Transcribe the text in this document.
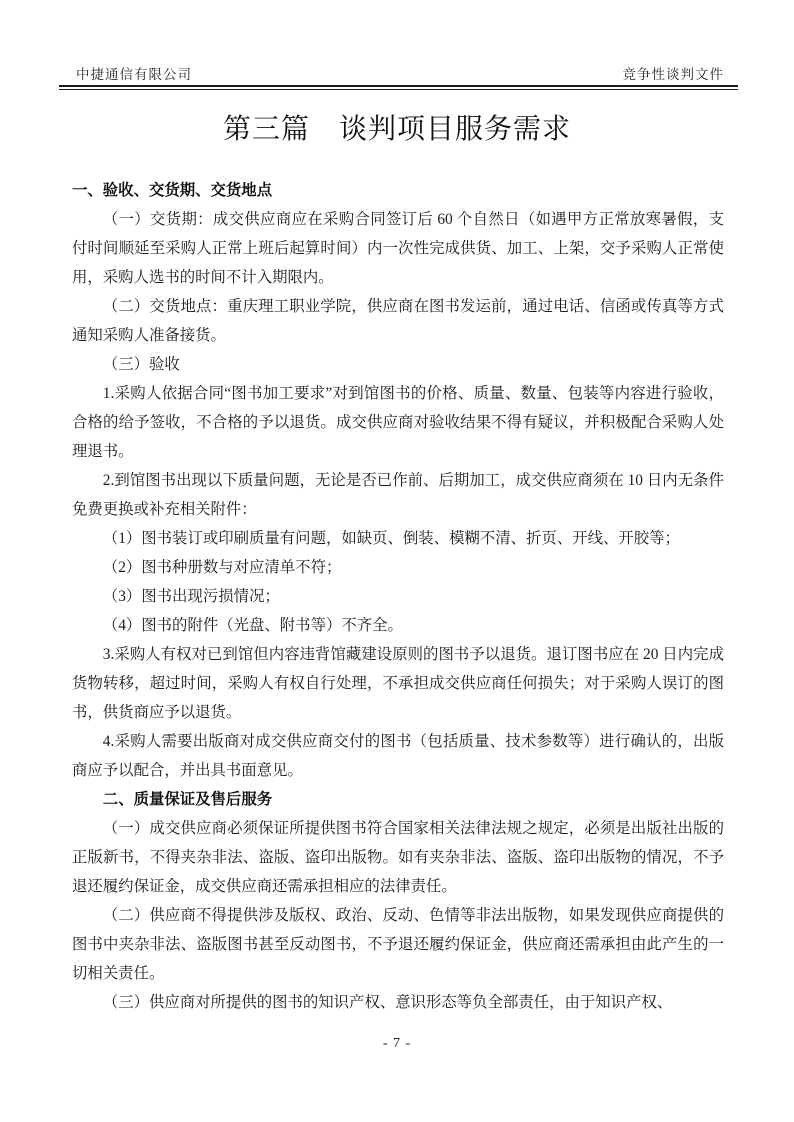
中捷通信有限公司	竞争性谈判文件
第三篇　谈判项目服务需求
一、验收、交货期、交货地点

（一）交货期：成交供应商应在采购合同签订后 60 个自然日（如遇甲方正常放寒暑假，支付时间顺延至采购人正常上班后起算时间）内一次性完成供货、加工、上架，交予采购人正常使用，采购人选书的时间不计入期限内。

（二）交货地点：重庆理工职业学院，供应商在图书发运前，通过电话、信函或传真等方式通知采购人准备接货。

（三）验收

1.采购人依据合同“图书加工要求”对到馆图书的价格、质量、数量、包装等内容进行验收，合格的给予签收，不合格的予以退货。成交供应商对验收结果不得有疑议，并积极配合采购人处理退书。

2.到馆图书出现以下质量问题，无论是否已作前、后期加工，成交供应商须在 10 日内无条件免费更换或补充相关附件：

（1）图书装订或印刷质量有问题，如缺页、倒装、模糊不清、折页、开线、开胶等；

（2）图书种册数与对应清单不符；

（3）图书出现污损情况；

（4）图书的附件（光盘、附书等）不齐全。

3.采购人有权对已到馆但内容违背馆藏建设原则的图书予以退货。退订图书应在 20 日内完成货物转移，超过时间，采购人有权自行处理，不承担成交供应商任何损失；对于采购人误订的图书，供货商应予以退货。

4.采购人需要出版商对成交供应商交付的图书（包括质量、技术参数等）进行确认的，出版商应予以配合，并出具书面意见。

二、质量保证及售后服务

（一）成交供应商必须保证所提供图书符合国家相关法律法规之规定，必须是出版社出版的正版新书，不得夹杂非法、盗版、盗印出版物。如有夹杂非法、盗版、盗印出版物的情况，不予退还履约保证金，成交供应商还需承担相应的法律责任。

（二）供应商不得提供涉及版权、政治、反动、色情等非法出版物，如果发现供应商提供的图书中夹杂非法、盗版图书甚至反动图书，不予退还履约保证金，供应商还需承担由此产生的一切相关责任。

（三）供应商对所提供的图书的知识产权、意识形态等负全部责任，由于知识产权、

- 7 -
